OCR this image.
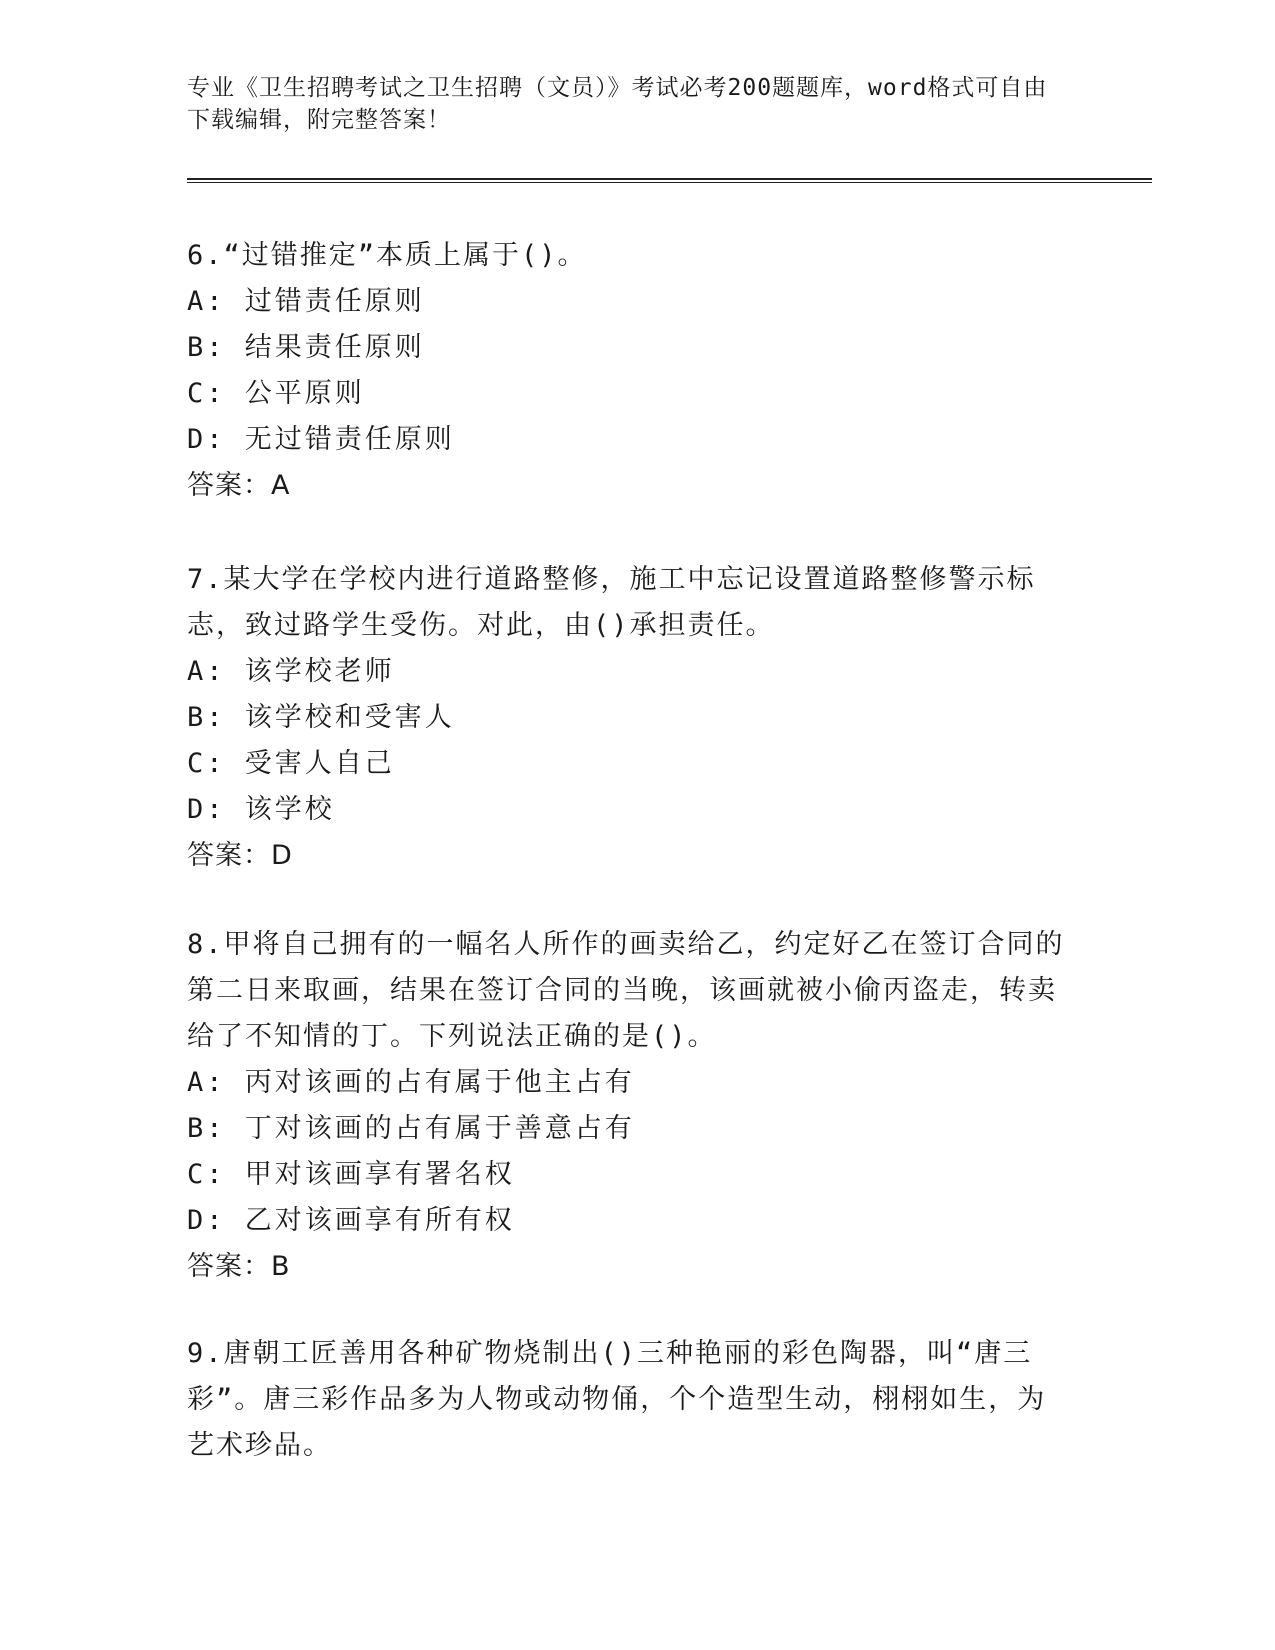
专业《卫生招聘考试之卫生招聘（文员）》考试必考200题题库，word格式可自由下载编辑，附完整答案！
6.“过错推定”本质上属于()。
A: 过错责任原则
B: 结果责任原则
C: 公平原则
D: 无过错责任原则
答案：A
7.某大学在学校内进行道路整修，施工中忘记设置道路整修警示标志，致过路学生受伤。对此，由()承担责任。
A: 该学校老师
B: 该学校和受害人
C: 受害人自己
D: 该学校
答案：D
8.甲将自己拥有的一幅名人所作的画卖给乙，约定好乙在签订合同的第二日来取画，结果在签订合同的当晚，该画就被小偷丙盗走，转卖给了不知情的丁。下列说法正确的是()。
A: 丙对该画的占有属于他主占有
B: 丁对该画的占有属于善意占有
C: 甲对该画享有署名权
D: 乙对该画享有所有权
答案：B
9.唐朝工匠善用各种矿物烧制出()三种艳丽的彩色陶器，叫“唐三彩”。唐三彩作品多为人物或动物俑，个个造型生动，栩栩如生，为艺术珍品。
